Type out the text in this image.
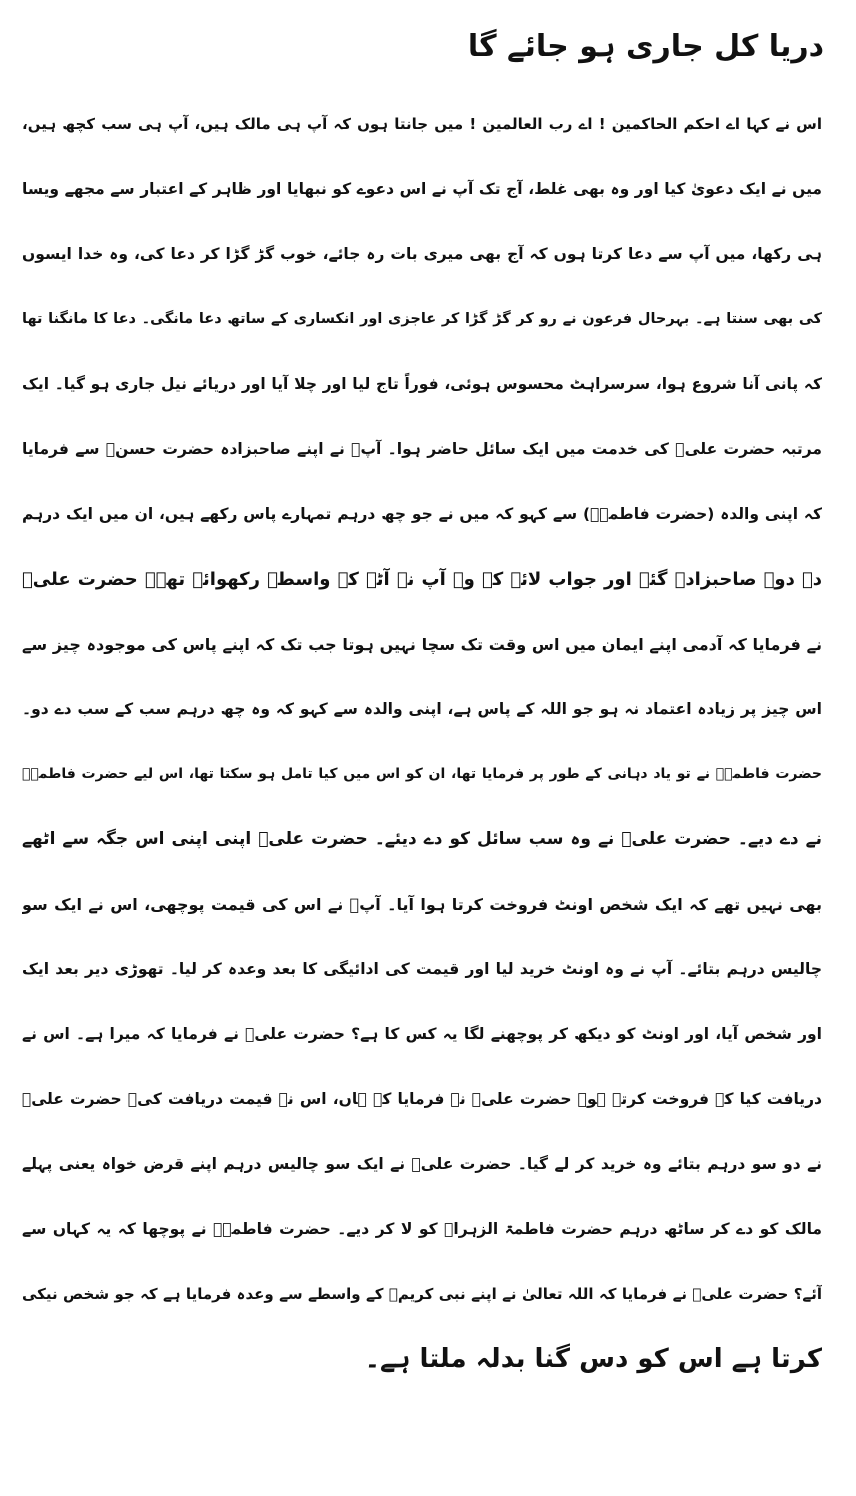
دریا کل جاری ہو جائے گا

اس نے کہا اے احکم الحاکمین ! اے رب العالمین ! میں جانتا ہوں کہ آپ ہی مالک ہیں، آپ ہی سب کچھ ہیں،

میں نے ایک دعویٰ کیا اور وہ بھی غلط، آج تک آپ نے اس دعوے کو نبھایا اور ظاہر کے اعتبار سے مجھے ویسا

ہی رکھا، میں آپ سے دعا کرتا ہوں کہ آج بھی میری بات رہ جائے، خوب گڑ گڑا کر دعا کی، وہ خدا ایسوں

کی بھی سنتا ہے۔ بہرحال فرعون نے رو کر گڑ گڑا کر عاجزی اور انکساری کے ساتھ دعا مانگی۔ دعا کا مانگنا تھا

کہ پانی آنا شروع ہوا، سرسراہٹ محسوس ہوئی، فوراً تاج لیا اور چلا آیا اور دریائے نیل جاری ہو گیا۔ ایک

مرتبہ حضرت علیؓ کی خدمت میں ایک سائل حاضر ہوا۔ آپؓ نے اپنے صاحبزادہ حضرت حسنؓ سے فرمایا

کہ اپنی والدہ (حضرت فاطمہؓ) سے کہو کہ میں نے جو چھ درہم تمہارے پاس رکھے ہیں، ان میں ایک درہم

دے دو۔ صاحبزادے گئے اور جواب لائے کہ وہ آپ نے آٹے کے واسطے رکھوائے تھے۔ حضرت علیؓ

نے فرمایا کہ آدمی اپنے ایمان میں اس وقت تک سچا نہیں ہوتا جب تک کہ اپنے پاس کی موجودہ چیز سے

اس چیز پر زیادہ اعتماد نہ ہو جو اللہ کے پاس ہے، اپنی والدہ سے کہو کہ وہ چھ درہم سب کے سب دے دو۔

حضرت فاطمہؓ نے تو یاد دہانی کے طور پر فرمایا تھا، ان کو اس میں کیا تامل ہو سکتا تھا، اس لیے حضرت فاطمہؓ

نے دے دیے۔ حضرت علیؓ نے وہ سب سائل کو دے دیئے۔ حضرت علیؓ اپنی اپنی اس جگہ سے اٹھے

بھی نہیں تھے کہ ایک شخص اونٹ فروخت کرتا ہوا آیا۔ آپؓ نے اس کی قیمت پوچھی، اس نے ایک سو

چالیس درہم بتائے۔ آپ نے وہ اونٹ خرید لیا اور قیمت کی ادائیگی کا بعد وعدہ کر لیا۔ تھوڑی دیر بعد ایک

اور شخص آیا، اور اونٹ کو دیکھ کر پوچھنے لگا یہ کس کا ہے؟ حضرت علیؓ نے فرمایا کہ میرا ہے۔ اس نے

دریافت کیا کہ فروخت کرتے ہو۔ حضرت علیؓ نے فرمایا کہ ہاں، اس نے قیمت دریافت کی۔ حضرت علیؓ

نے دو سو درہم بتائے وہ خرید کر لے گیا۔ حضرت علیؓ نے ایک سو چالیس درہم اپنے قرض خواہ یعنی پہلے

مالک کو دے کر ساٹھ درہم حضرت فاطمۃ الزہراؓ کو لا کر دیے۔ حضرت فاطمہؓ نے پوچھا کہ یہ کہاں سے

آئے؟ حضرت علیؓ نے فرمایا کہ اللہ تعالیٰ نے اپنے نبی کریمؐ کے واسطے سے وعدہ فرمایا ہے کہ جو شخص نیکی

کرتا ہے اس کو دس گنا بدلہ ملتا ہے۔
